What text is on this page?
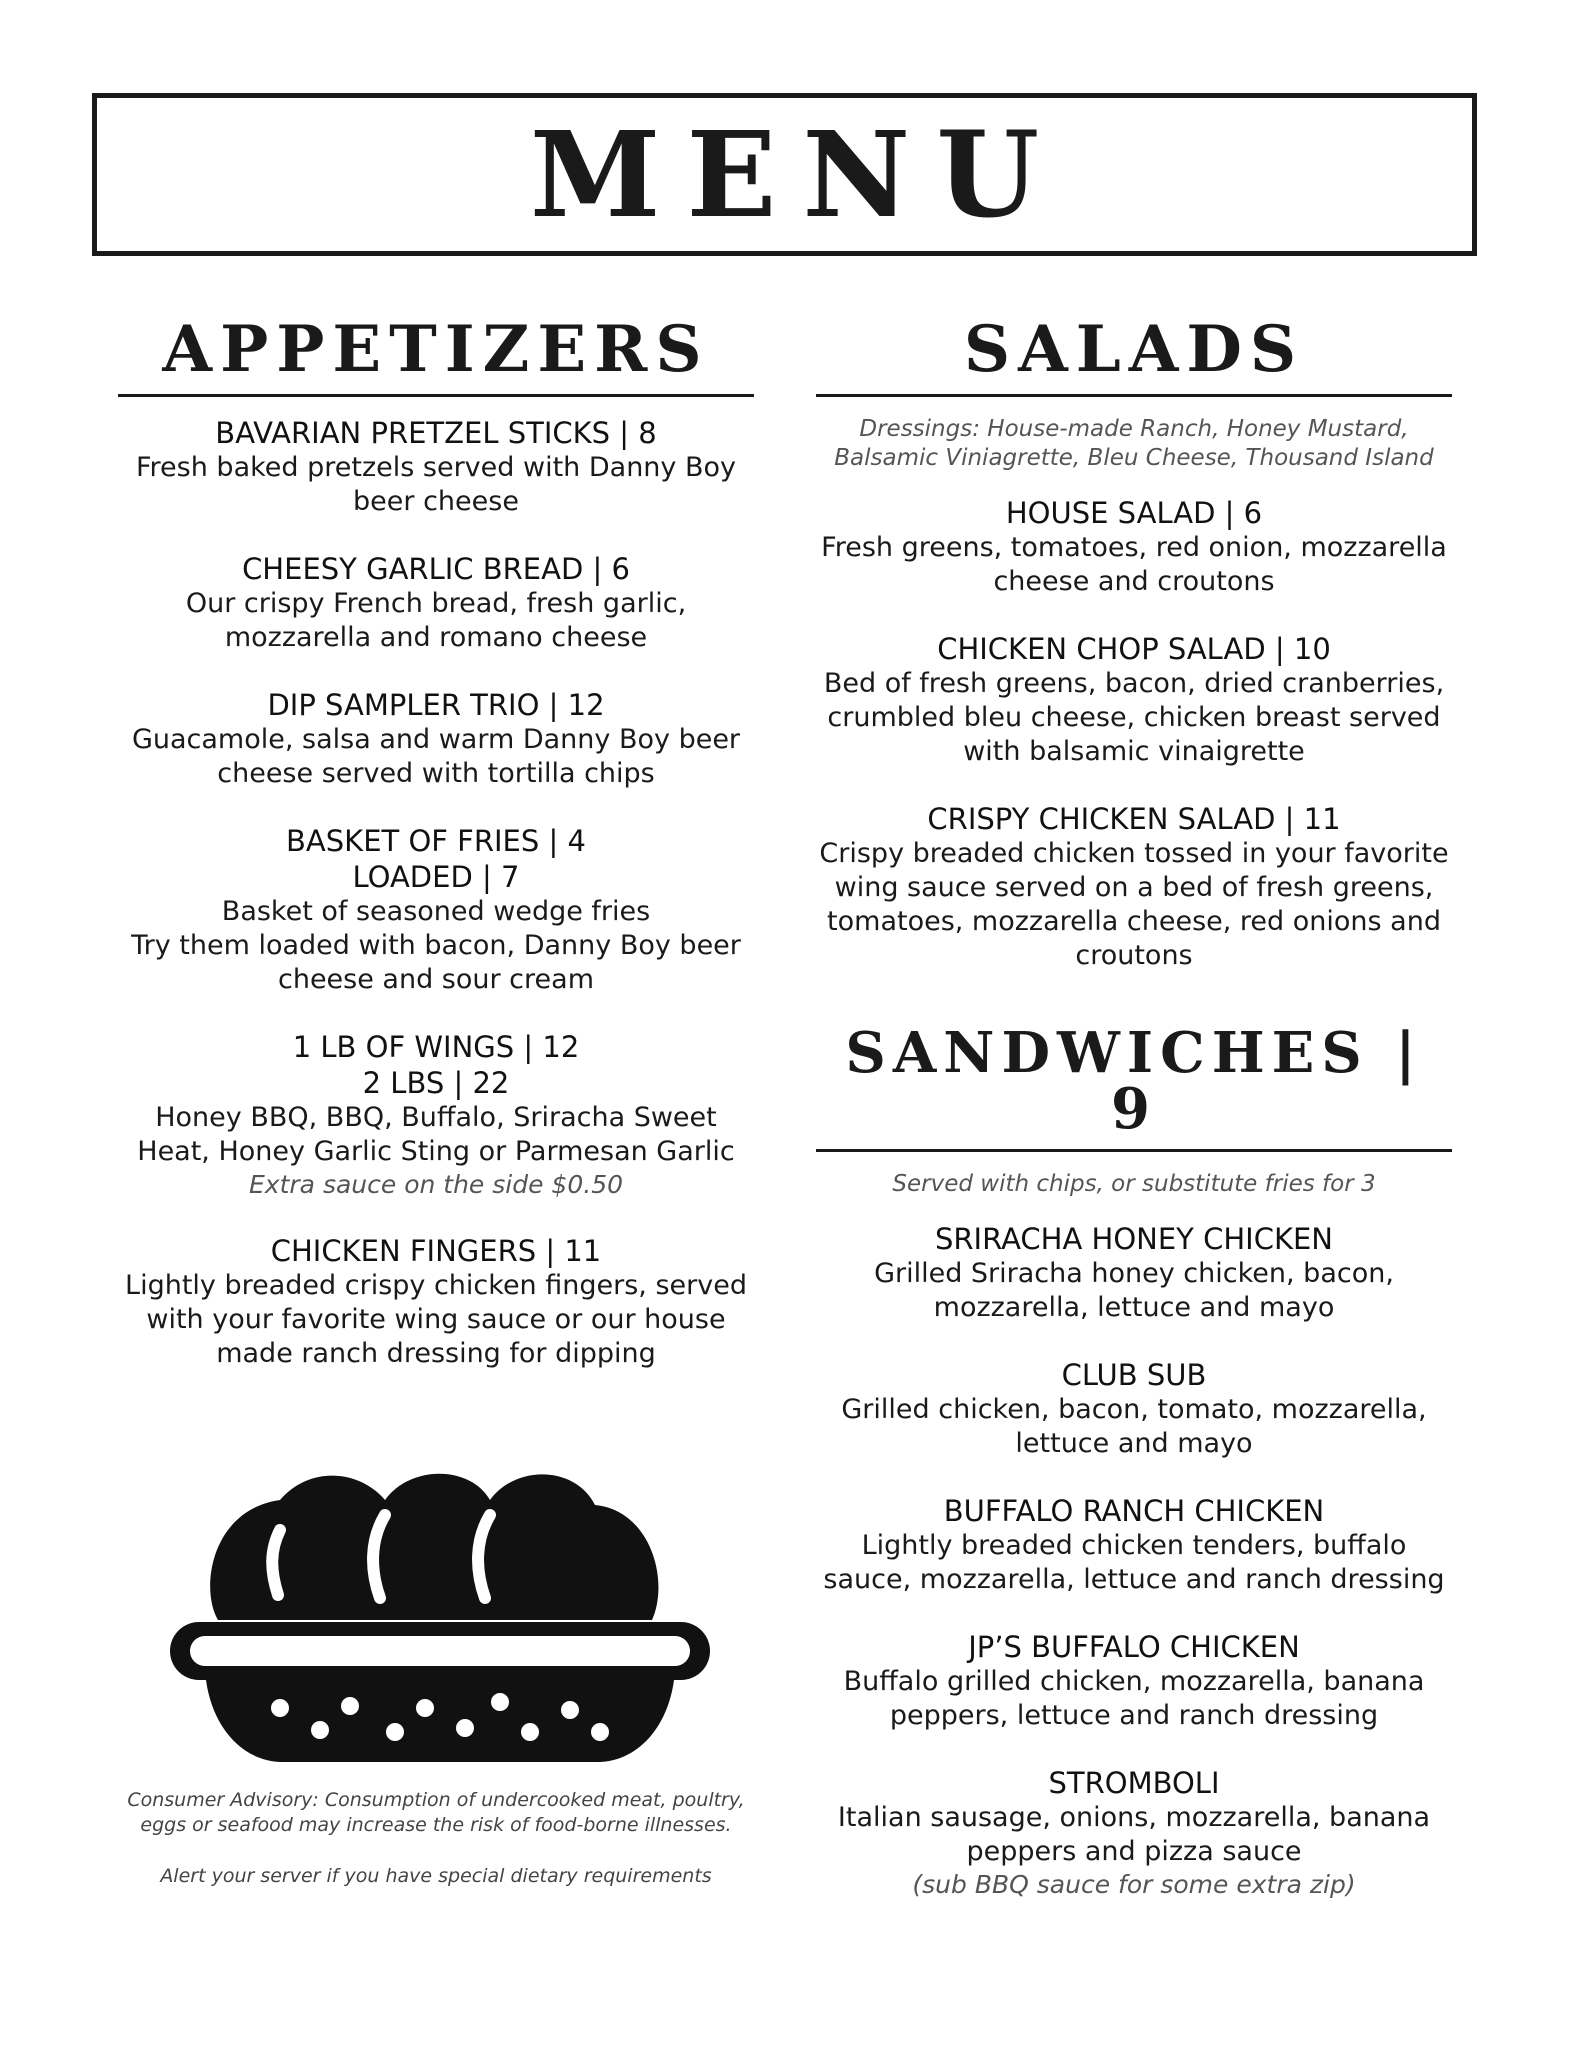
MENU
APPETIZERS
BAVARIAN PRETZEL STICKS | 8
Fresh baked pretzels served with Danny Boy beer cheese
CHEESY GARLIC BREAD | 6
Our crispy French bread, fresh garlic, mozzarella and romano cheese
DIP SAMPLER TRIO | 12
Guacamole, salsa and warm Danny Boy beer cheese served with tortilla chips
BASKET OF FRIES | 4
LOADED | 7
Basket of seasoned wedge fries
Try them loaded with bacon, Danny Boy beer cheese and sour cream
1 LB OF WINGS | 12
2 LBS | 22
Honey BBQ, BBQ, Buffalo, Sriracha Sweet Heat, Honey Garlic Sting or Parmesan Garlic
Extra sauce on the side $0.50
CHICKEN FINGERS | 11
Lightly breaded crispy chicken fingers, served with your favorite wing sauce or our house made ranch dressing for dipping

Consumer Advisory: Consumption of undercooked meat, poultry, eggs or seafood may increase the risk of food-borne illnesses.

Alert your server if you have special dietary requirements

SALADS
Dressings: House-made Ranch, Honey Mustard, Balsamic Viniagrette, Bleu Cheese, Thousand Island
HOUSE SALAD | 6
Fresh greens, tomatoes, red onion, mozzarella cheese and croutons
CHICKEN CHOP SALAD | 10
Bed of fresh greens, bacon, dried cranberries, crumbled bleu cheese, chicken breast served with balsamic vinaigrette
CRISPY CHICKEN SALAD | 11
Crispy breaded chicken tossed in your favorite wing sauce served on a bed of fresh greens, tomatoes, mozzarella cheese, red onions and croutons
SANDWICHES | 9
Served with chips, or substitute fries for 3
SRIRACHA HONEY CHICKEN
Grilled Sriracha honey chicken, bacon, mozzarella, lettuce and mayo
CLUB SUB
Grilled chicken, bacon, tomato, mozzarella, lettuce and mayo
BUFFALO RANCH CHICKEN
Lightly breaded chicken tenders, buffalo sauce, mozzarella, lettuce and ranch dressing
JP’S BUFFALO CHICKEN
Buffalo grilled chicken, mozzarella, banana peppers, lettuce and ranch dressing
STROMBOLI
Italian sausage, onions, mozzarella, banana peppers and pizza sauce
(sub BBQ sauce for some extra zip)
